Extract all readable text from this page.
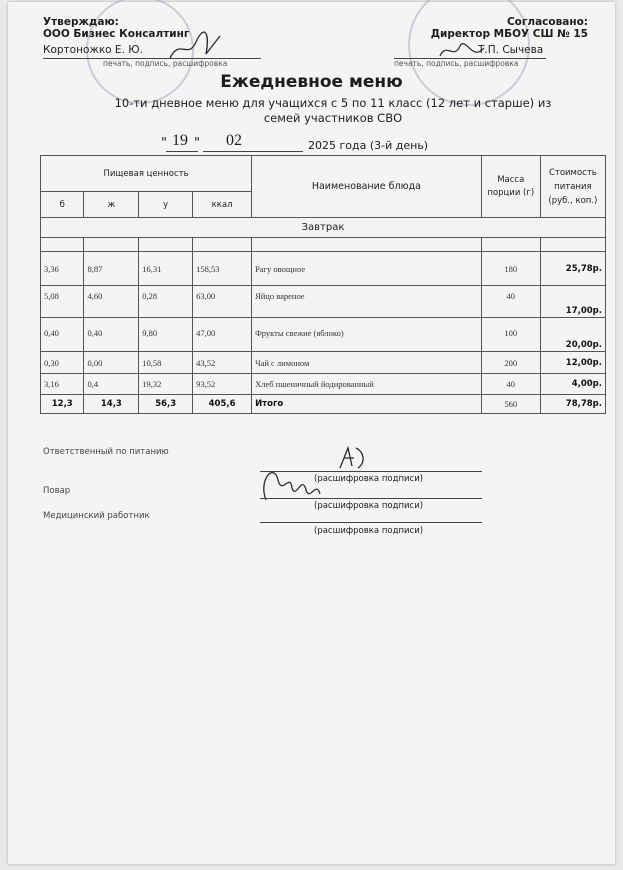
Утверждаю:
ООО Бизнес Консалтинг
Кортоножко Е. Ю.
печать, подпись, расшифровка
Согласовано:
Директор МБОУ СШ № 15
Т.П. Сычева
печать, подпись, расшифровка
Ежедневное меню
10-ти дневное меню для учащихся с 5 по 11 класс (12 лет и старше) из семей участников СВО
" 19 " 02	2025 года (3-й день)
Пищевая ценность				Наименование блюда	Масса порции (г)	Стоимость питания (руб., коп.)
б	ж	у	ккал			
Завтрак						

3,36	8,87	16,31	158,53	Рагу овощное	180	25,78р.
5,08	4,60	0,28	63,00	Яйцо вареное	40	17,00р.
0,40	0,40	9,80	47,00	Фрукты свежие (яблоко)	100	20,00р.
0,30	0,00	10,58	43,52	Чай с лимоном	200	12,00р.
3,16	0,4	19,32	93,52	Хлеб пшеничный йодированный	40	4,00р.
12,3	14,3	56,3	405,6	Итого	560	78,78р.
Ответственный по питанию
(расшифровка подписи)
Повар
(расшифровка подписи)
Медицинский работник
(расшифровка подписи)
